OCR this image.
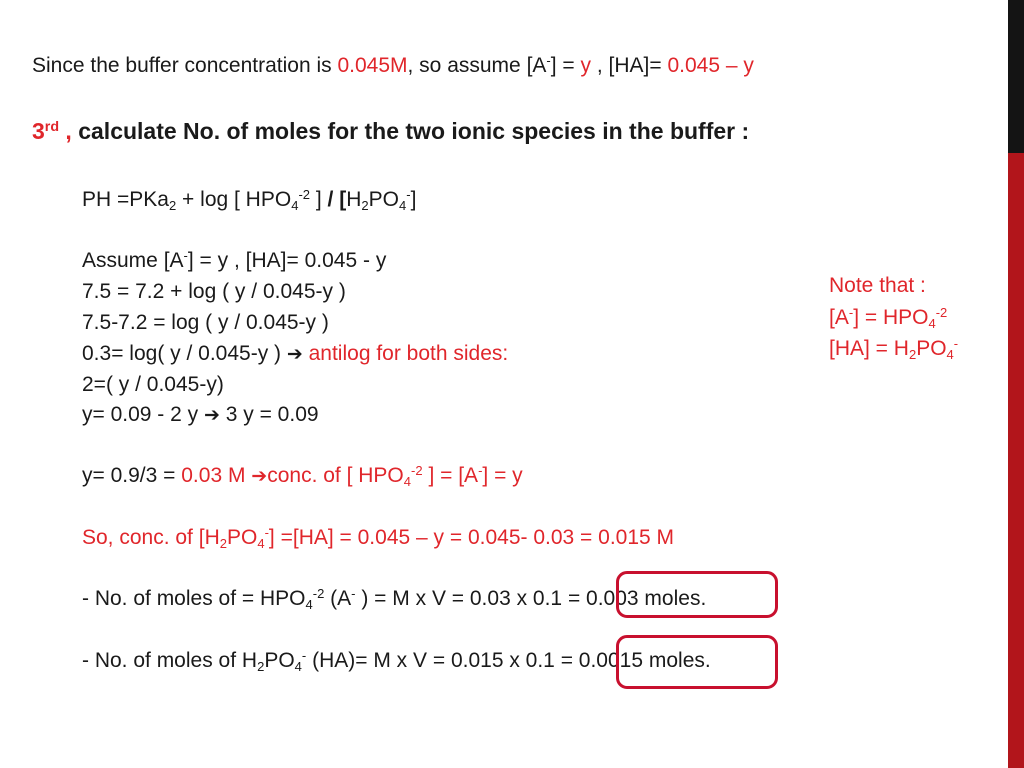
Since the buffer concentration is 0.045M, so assume [A-] = y , [HA]= 0.045 – y
3rd , calculate No. of moles for the two ionic species in the buffer :
PH =PKa$_2$ + log [ $HPO_4^{-2}$ ] / $[H_2PO_4^-]$
Assume [A-] = y , [HA]= 0.045 - y
7.5 = 7.2 + log ( y / 0.045-y )
7.5-7.2 = log ( y / 0.045-y )
0.3= log( y / 0.045-y ) ➔ antilog for both sides:
2=( y / 0.045-y)
y= 0.09 - 2 y ➔ 3 y = 0.09
y= 0.9/3 = 0.03 M ➔conc. of [ $HPO_4^{-2}$ ] = [A-] = y
So, conc. of $[H_2PO_4^-] =[HA] = 0.045 - y = 0.045-$ 0.03 = 0.015 M
- No. of moles of = $HPO_4^{-2}$ (A- ) = M x V = 0.03 x 0.1 = 0.003 moles.
- No. of moles of $H_2PO_4^-$ (HA)= M x V = 0.015 x 0.1 = 0.0015 moles.
Note that :
$[A^-] = HPO_4^{-2}$
$[HA] = H_2PO_4^-$
